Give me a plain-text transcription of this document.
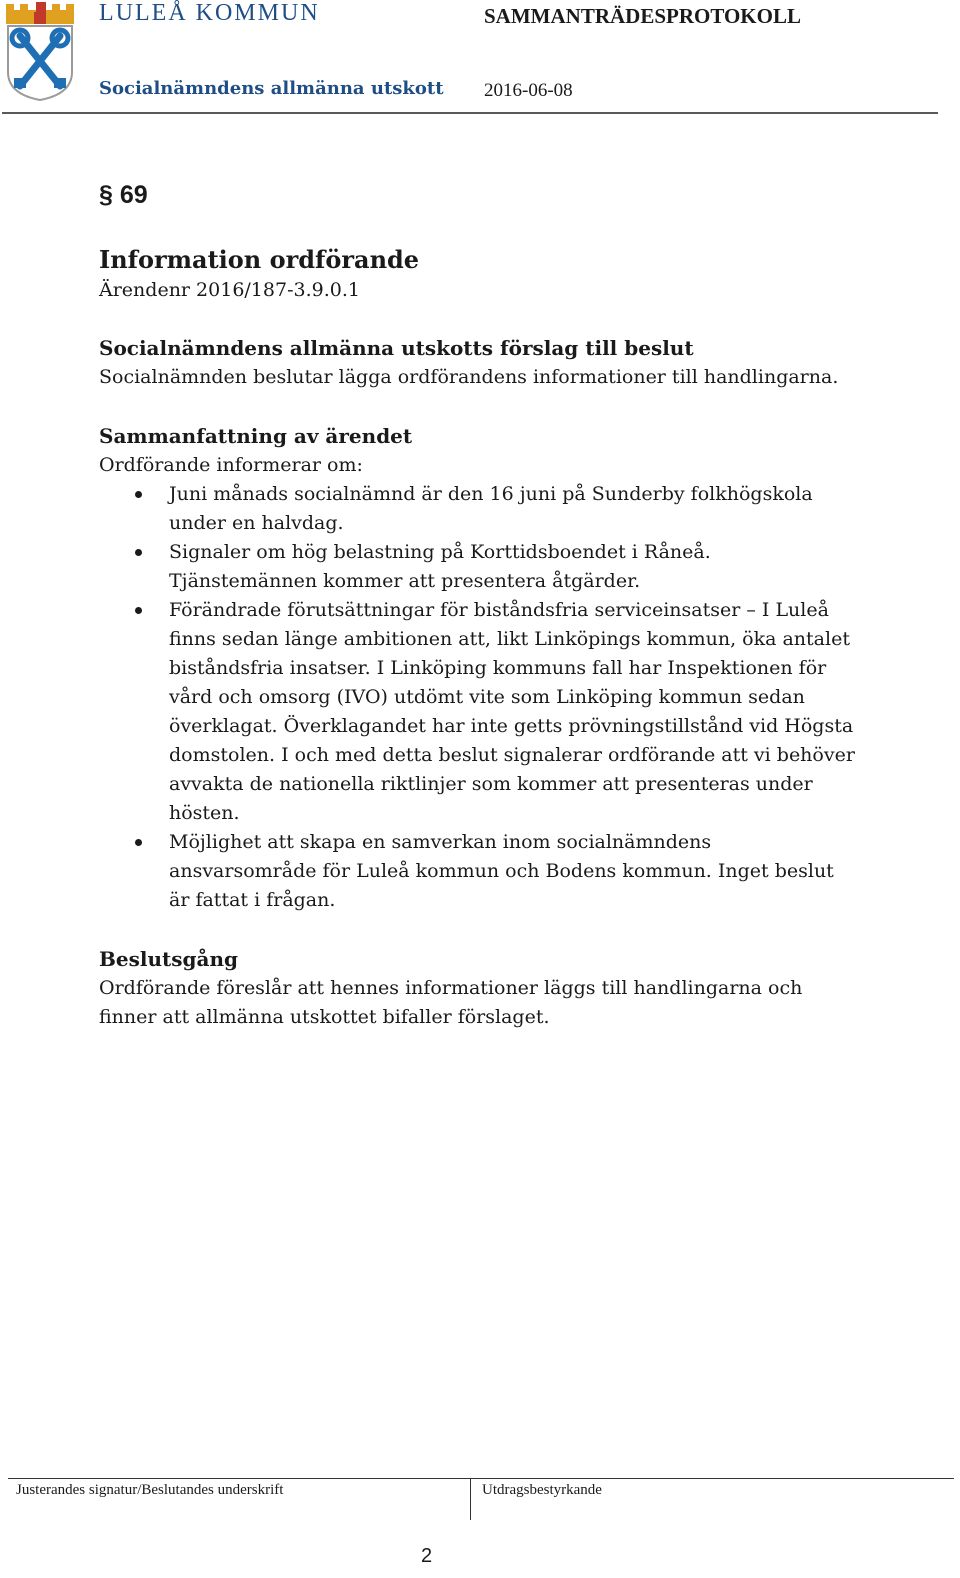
LULEÅ KOMMUN	SAMMANTRÄDESPROTOKOLL
Socialnämndens allmänna utskott 2016-06-08

§ 69

Information ordförande

Ärendenr 2016/187-3.9.0.1

Socialnämndens allmänna utskotts förslag till beslut

Socialnämnden beslutar lägga ordförandens informationer till handlingarna.

Sammanfattning av ärendet

Ordförande informerar om:

Juni månads socialnämnd är den 16 juni på Sunderby folkhögskola under en halvdag.
Signaler om hög belastning på Korttidsboendet i Råneå. Tjänstemännen kommer att presentera åtgärder.
Förändrade förutsättningar för biståndsfria serviceinsatser – I Luleå finns sedan länge ambitionen att, likt Linköpings kommun, öka antalet biståndsfria insatser. I Linköping kommuns fall har Inspektionen för vård och omsorg (IVO) utdömt vite som Linköping kommun sedan överklagat. Överklagandet har inte getts prövningstillstånd vid Högsta domstolen. I och med detta beslut signalerar ordförande att vi behöver avvakta de nationella riktlinjer som kommer att presenteras under hösten.
Möjlighet att skapa en samverkan inom socialnämndens ansvarsområde för Luleå kommun och Bodens kommun. Inget beslut är fattat i frågan.
Beslutsgång

Ordförande föreslår att hennes informationer läggs till handlingarna och finner att allmänna utskottet bifaller förslaget.

Justerandes signatur/Beslutandes underskrift	Utdragsbestyrkande
2
